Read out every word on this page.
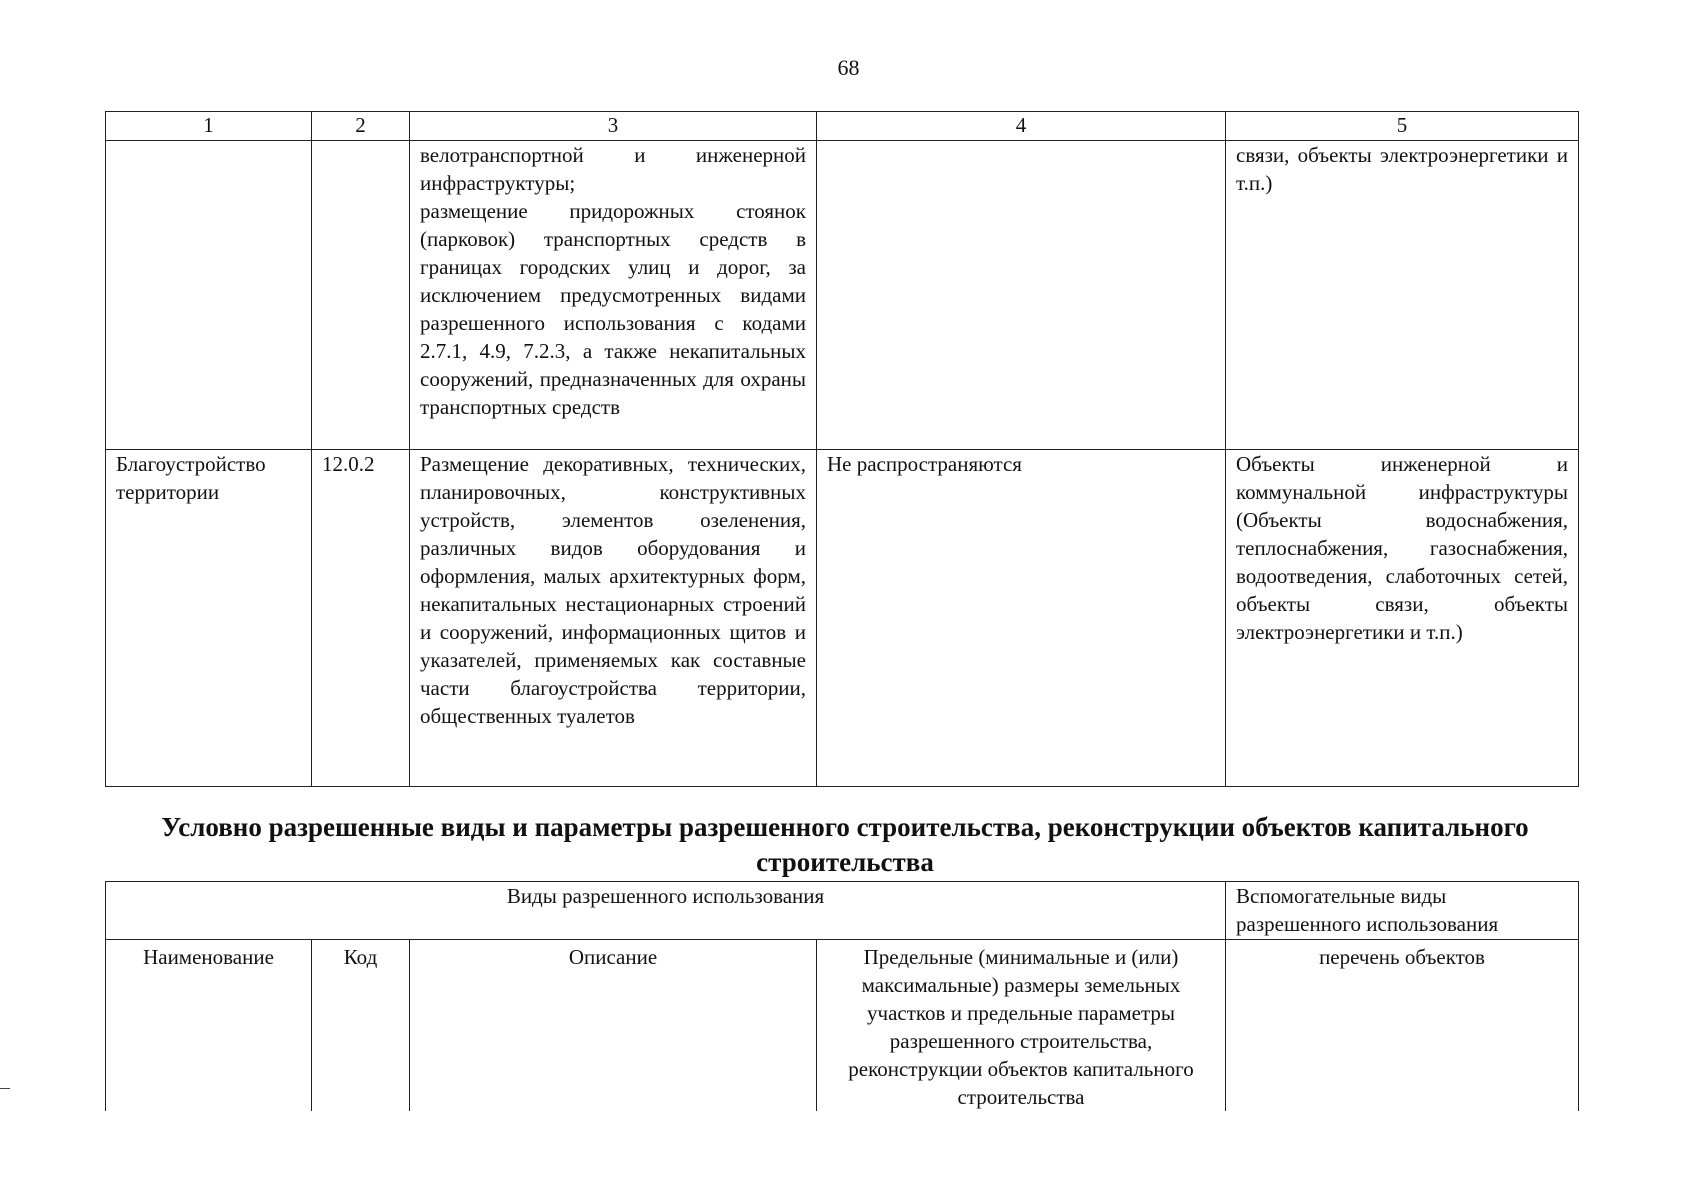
68
1	2	3	4	5
		велотранспортной и инженерной инфраструктуры;
размещение придорожных стоянок (парковок) транспортных средств в границах городских улиц и дорог, за исключением предусмотренных видами разрешенного использования с кодами 2.7.1, 4.9, 7.2.3, а также некапитальных сооружений, предназначенных для охраны транспортных средств		связи, объекты электроэнергетики и т.п.)
Благоустройство территории	12.0.2	Размещение декоративных, технических, планировочных, конструктивных устройств, элементов озеленения, различных видов оборудования и оформления, малых архитектурных форм, некапитальных нестационарных строений и сооружений, информационных щитов и указателей, применяемых как составные части благоустройства территории, общественных туалетов	Не распространяются	Объекты инженерной и коммунальной инфраструктуры (Объекты водоснабжения, теплоснабжения, газоснабжения, водоотведения, слаботочных сетей, объекты связи, объекты электроэнергетики и т.п.)
Условно разрешенные виды и параметры разрешенного строительства, реконструкции объектов капитального строительства
Виды разрешенного использования				Вспомогательные виды разрешенного использования
Наименование	Код	Описание	Предельные (минимальные и (или) максимальные) размеры земельных участков и предельные параметры разрешенного строительства, реконструкции объектов капитального строительства	перечень объектов
